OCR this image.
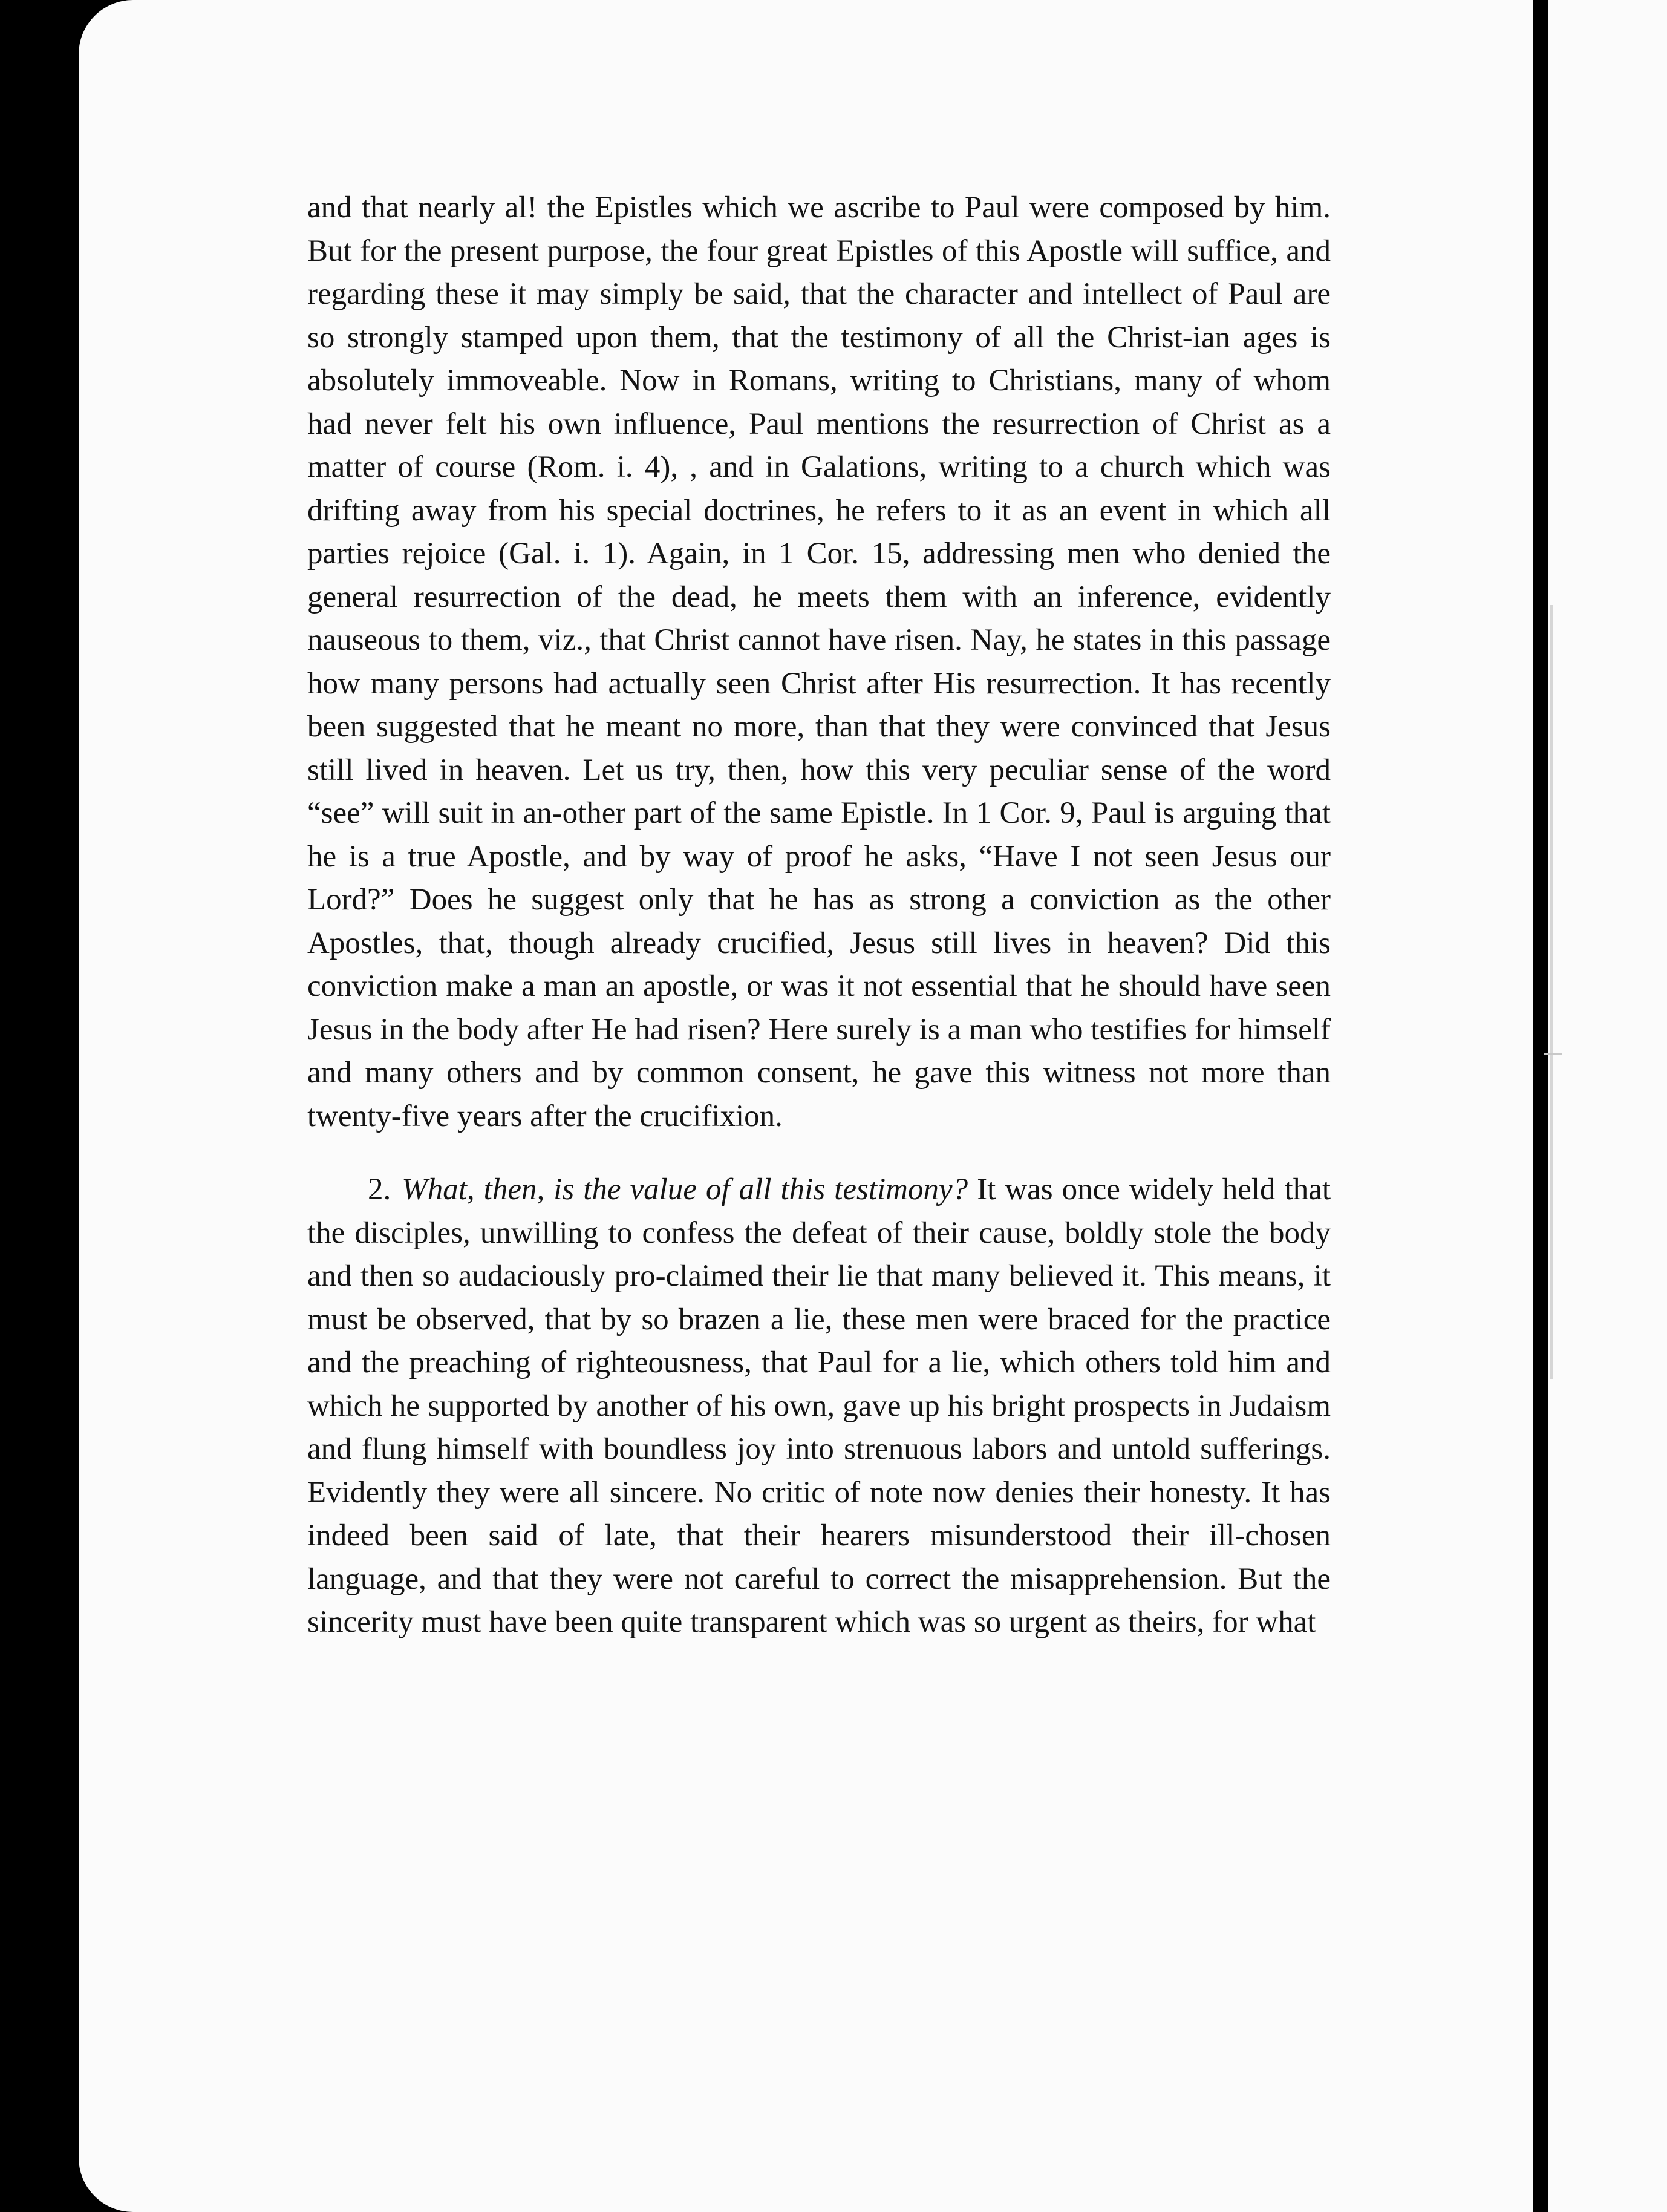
and that nearly al! the Epistles which we ascribe to Paul were composed by him. But for the present purpose, the four great Epistles of this Apostle will suffice, and regarding these it may simply be said, that the character and intellect of Paul are so strongly stamped upon them, that the testimony of all the Christ-ian ages is absolutely immoveable. Now in Romans, writing to Christians, many of whom had never felt his own influence, Paul mentions the resurrection of Christ as a matter of course (Rom. i. 4), , and in Galations, writing to a church which was drifting away from his special doctrines, he refers to it as an event in which all parties rejoice (Gal. i. 1). Again, in 1 Cor. 15, addressing men who denied the general resurrection of the dead, he meets them with an inference, evidently nauseous to them, viz., that Christ cannot have risen. Nay, he states in this passage how many persons had actually seen Christ after His resurrection. It has recently been suggested that he meant no more, than that they were convinced that Jesus still lived in heaven. Let us try, then, how this very peculiar sense of the word “see” will suit in an-other part of the same Epistle. In 1 Cor. 9, Paul is arguing that he is a true Apostle, and by way of proof he asks, “Have I not seen Jesus our Lord?” Does he suggest only that he has as strong a conviction as the other Apostles, that, though already crucified, Jesus still lives in heaven? Did this conviction make a man an apostle, or was it not essential that he should have seen Jesus in the body after He had risen? Here surely is a man who testifies for himself and many others and by common consent, he gave this witness not more than twenty-five years after the crucifixion.

2. What, then, is the value of all this testimony? It was once widely held that the disciples, unwilling to confess the defeat of their cause, boldly stole the body and then so audaciously pro-claimed their lie that many believed it. This means, it must be observed, that by so brazen a lie, these men were braced for the practice and the preaching of righteousness, that Paul for a lie, which others told him and which he supported by another of his own, gave up his bright prospects in Judaism and flung himself with boundless joy into strenuous labors and untold sufferings. Evidently they were all sincere. No critic of note now denies their honesty. It has indeed been said of late, that their hearers misunderstood their ill-chosen language, and that they were not careful to correct the misapprehension. But the sincerity must have been quite transparent which was so urgent as theirs, for what
